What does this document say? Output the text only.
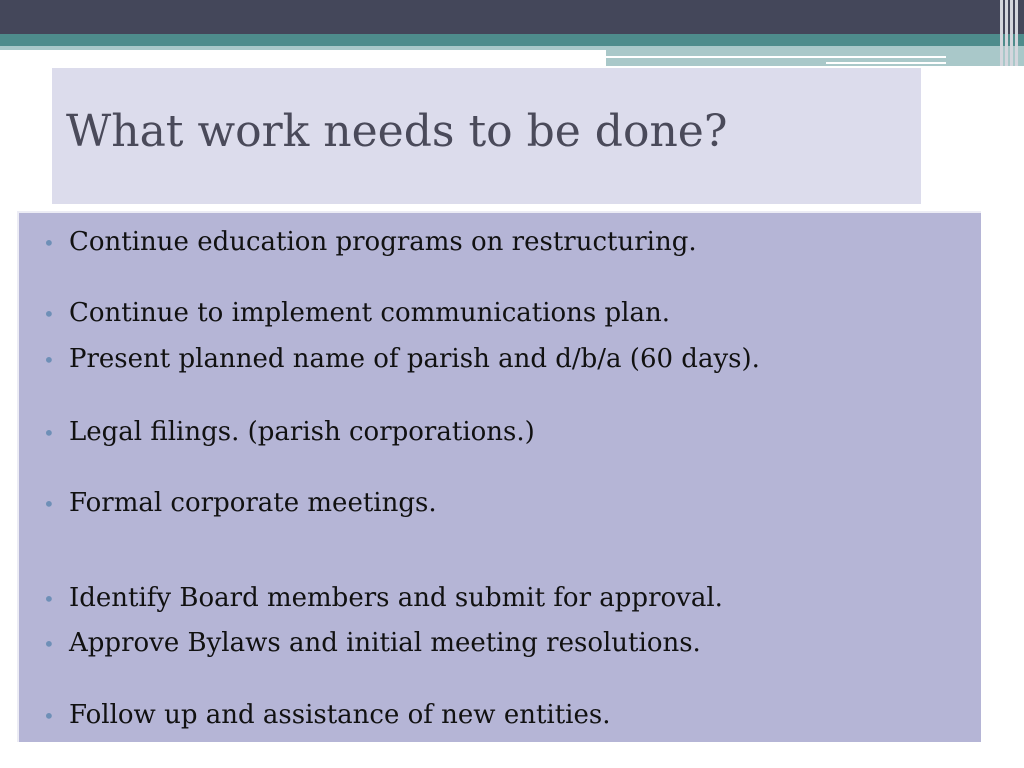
What work needs to be done?
• Continue education programs on restructuring.
• Continue to implement communications plan.
• Present planned name of parish and d/b/a (60 days).
• Legal filings. (parish corporations.)
• Formal corporate meetings.
• Identify Board members and submit for approval.
• Approve Bylaws and initial meeting resolutions.
• Follow up and assistance of new entities.
